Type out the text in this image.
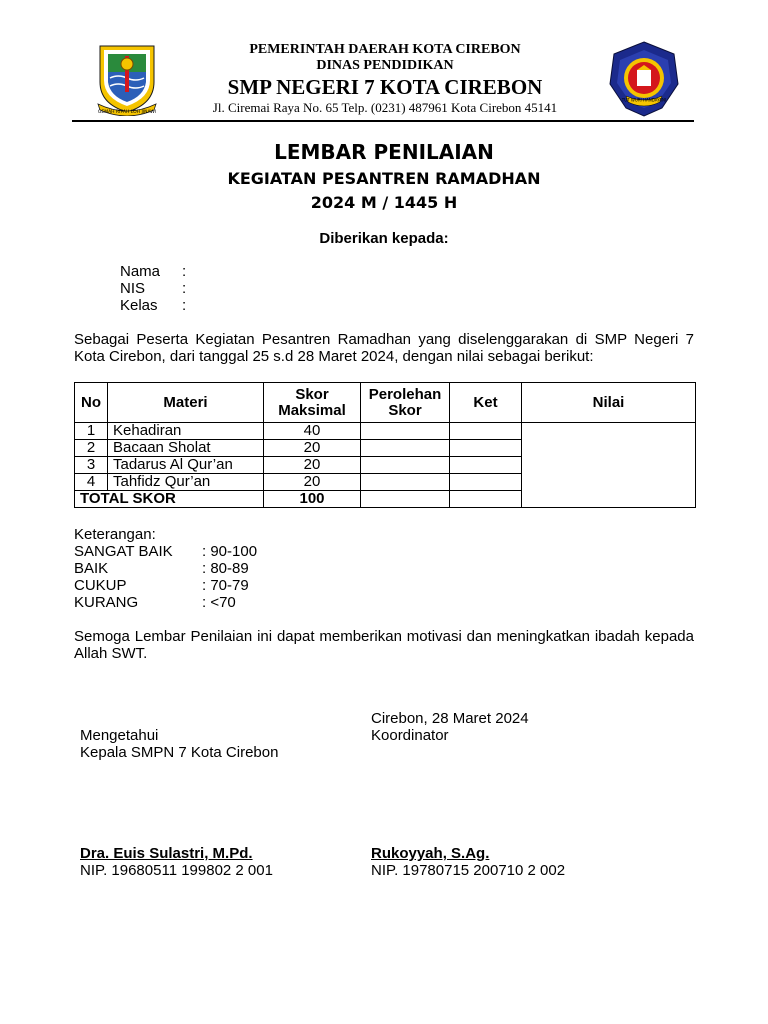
GEMAH RIPAH LOH JINAWI
PEMERINTAH DAERAH KOTA CIREBON
DINAS PENDIDIKAN
SMP NEGERI 7 KOTA CIREBON
Jl. Ciremai Raya No. 65 Telp. (0231) 487961 Kota Cirebon 45141	TUT WURI HANDAYANI
LEMBAR PENILAIAN
KEGIATAN PESANTREN RAMADHAN
2024 M / 1445 H
Diberikan kepada:
Nama	:
NIS	:
Kelas	:
Sebagai Peserta Kegiatan Pesantren Ramadhan yang diselenggarakan di SMP Negeri 7 Kota Cirebon, dari tanggal 25 s.d 28 Maret 2024, dengan nilai sebagai berikut:
No	Materi	Skor Maksimal	Perolehan Skor	Ket	Nilai
1	Kehadiran	40			
2	Bacaan Sholat	20			
3	Tadarus Al Qur’an	20			
4	Tahfidz Qur’an	20			
TOTAL SKOR		100			
Keterangan:
SANGAT BAIK	: 90-100
BAIK	: 80-89
CUKUP	: 70-79
KURANG	: <70
Semoga Lembar Penilaian ini dapat memberikan motivasi dan meningkatkan ibadah kepada Allah SWT.
Mengetahui
Kepala SMPN 7 Kota Cirebon
Cirebon, 28 Maret 2024
Koordinator
Dra. Euis Sulastri, M.Pd.
NIP. 19680511 199802 2 001
Rukoyyah, S.Ag.
NIP. 19780715 200710 2 002
